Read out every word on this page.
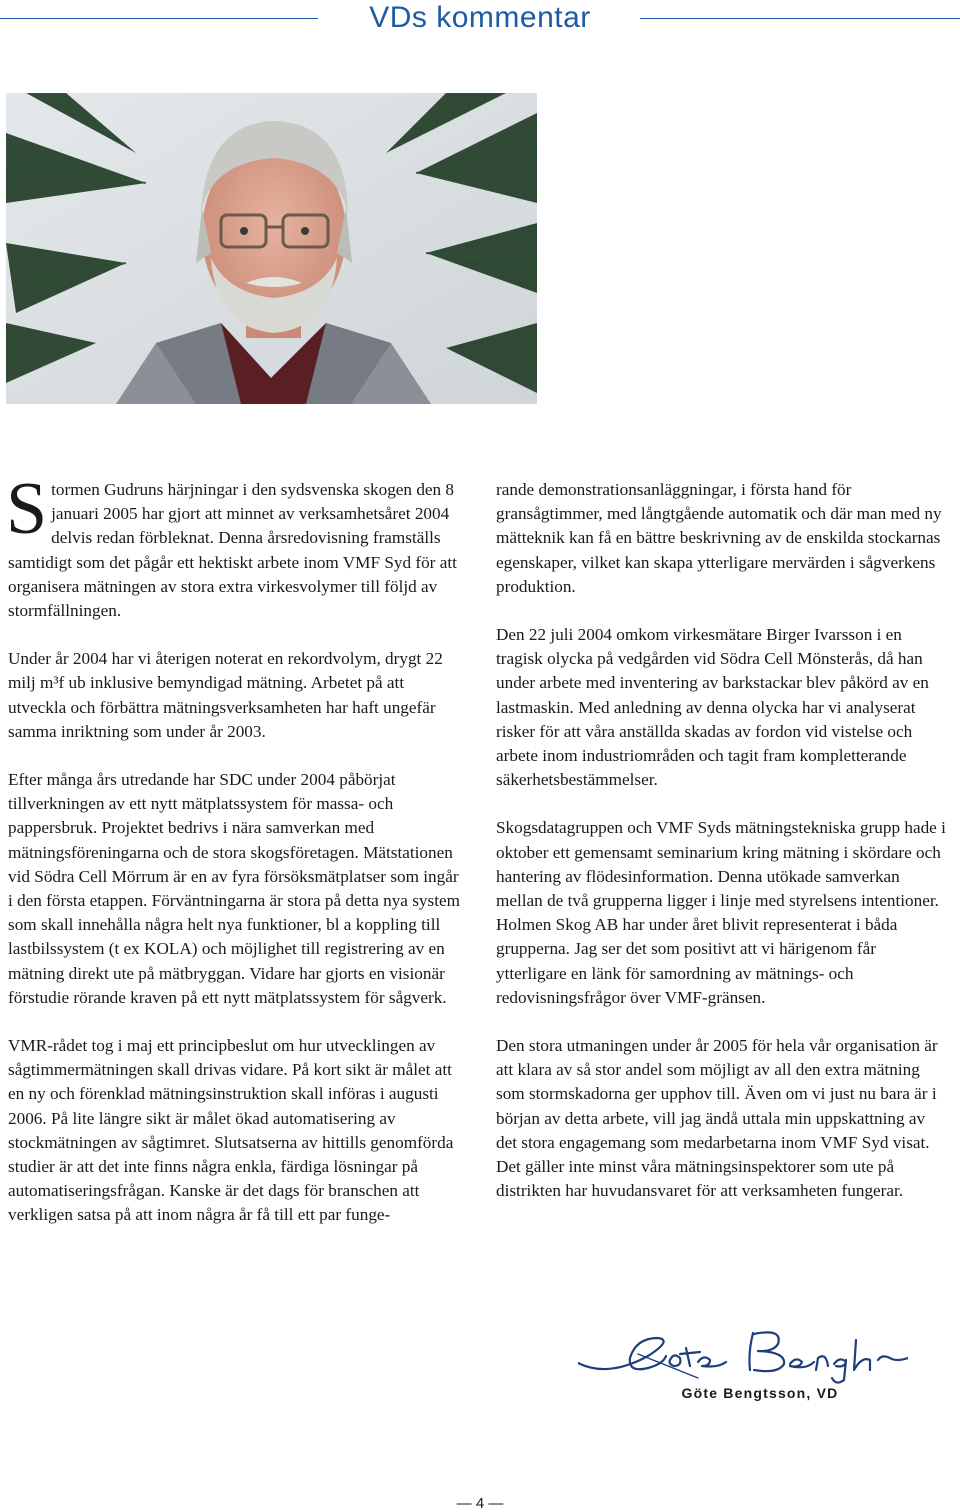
VDs kommentar

Stormen Gudruns härjningar i den sydsvenska skogen den 8 januari 2005 har gjort att minnet av verksamhetsåret 2004 delvis redan förbleknat. Denna årsredovisning framställs samtidigt som det pågår ett hektiskt arbete inom VMF Syd för att organisera mätningen av stora extra virkesvolymer till följd av stormfällningen.

Under år 2004 har vi återigen noterat en rekordvolym, drygt 22 milj m³f ub inklusive bemyndigad mätning. Arbetet på att utveckla och förbättra mätningsverksamheten har haft ungefär samma inriktning som under år 2003.

Efter många års utredande har SDC under 2004 påbörjat tillverkningen av ett nytt mätplatssystem för massa- och pappersbruk. Projektet bedrivs i nära samverkan med mätningsföreningarna och de stora skogsföretagen. Mätstationen vid Södra Cell Mörrum är en av fyra försöksmätplatser som ingår i den första etappen. Förväntningarna är stora på detta nya system som skall innehålla några helt nya funktioner, bl a koppling till lastbilssystem (t ex KOLA) och möjlighet till registrering av en mätning direkt ute på mätbryggan. Vidare har gjorts en visionär förstudie rörande kraven på ett nytt mätplatssystem för sågverk.

VMR-rådet tog i maj ett principbeslut om hur utvecklingen av sågtimmermätningen skall drivas vidare. På kort sikt är målet att en ny och förenklad mätningsinstruktion skall införas i augusti 2006. På lite längre sikt är målet ökad automatisering av stockmätningen av sågtimret. Slutsatserna av hittills genomförda studier är att det inte finns några enkla, färdiga lösningar på automatiseringsfrågan. Kanske är det dags för branschen att verkligen satsa på att inom några år få till ett par funge-

rande demonstrationsanläggningar, i första hand för gransågtimmer, med långtgående automatik och där man med ny mätteknik kan få en bättre beskrivning av de enskilda stockarnas egenskaper, vilket kan skapa ytterligare mervärden i sågverkens produktion.

Den 22 juli 2004 omkom virkesmätare Birger Ivarsson i en tragisk olycka på vedgården vid Södra Cell Mönsterås, då han under arbete med inventering av barkstackar blev påkörd av en lastmaskin. Med anledning av denna olycka har vi analyserat risker för att våra anställda skadas av fordon vid vistelse och arbete inom industriområden och tagit fram kompletterande säkerhetsbestämmelser.

Skogsdatagruppen och VMF Syds mätningstekniska grupp hade i oktober ett gemensamt seminarium kring mätning i skördare och hantering av flödesinformation. Denna utökade samverkan mellan de två grupperna ligger i linje med styrelsens intentioner. Holmen Skog AB har under året blivit representerat i båda grupperna. Jag ser det som positivt att vi härigenom får ytterligare en länk för samordning av mätnings- och redovisningsfrågor över VMF-gränsen.

Den stora utmaningen under år 2005 för hela vår organisation är att klara av så stor andel som möjligt av all den extra mätning som stormskadorna ger upphov till. Även om vi just nu bara är i början av detta arbete, vill jag ändå uttala min uppskattning av det stora engagemang som medarbetarna inom VMF Syd visat. Det gäller inte minst våra mätningsinspektorer som ute på distrikten har huvudansvaret för att verksamheten fungerar.

Göte Bengtsson, VD
— 4 —
